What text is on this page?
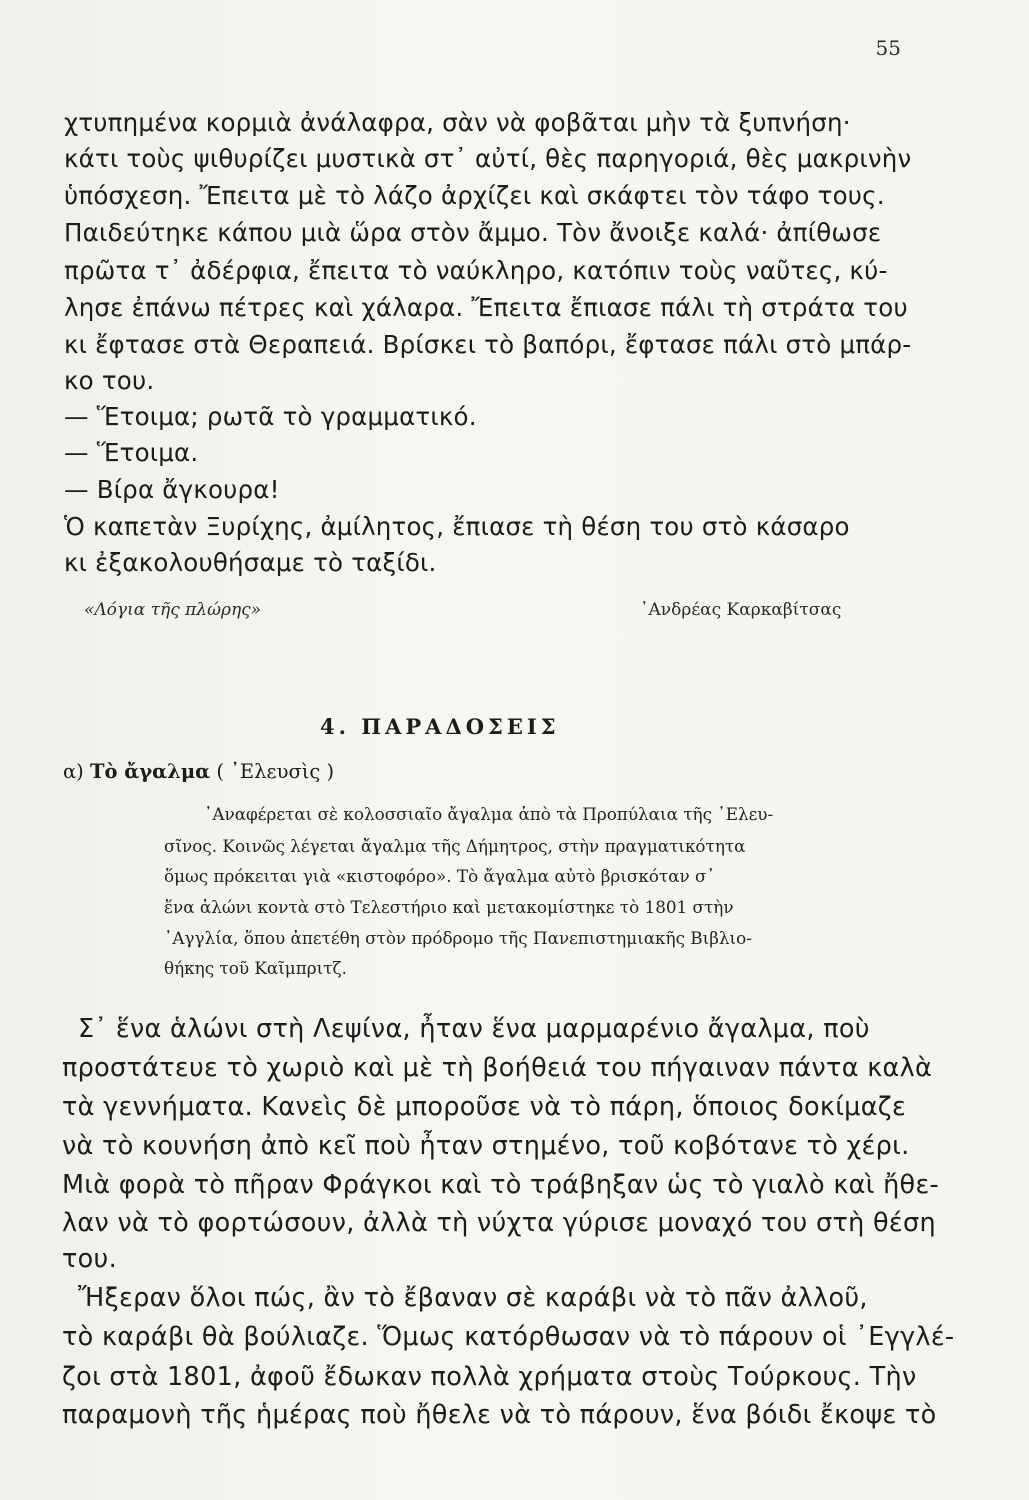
55
χτυπημένα κορμιὰ ἀνάλαφρα, σὰν νὰ φοβᾶται μὴν τὰ ξυπνήση·
κάτι τοὺς ψιθυρίζει μυστικὰ στ᾽ αὐτί, θὲς παρηγοριά, θὲς μακρινὴν
ὑπόσχεση. Ἔπειτα μὲ τὸ λάζο ἀρχίζει καὶ σκάφτει τὸν τάφο τους.
Παιδεύτηκε κάπου μιὰ ὥρα στὸν ἄμμο. Τὸν ἄνοιξε καλά· ἀπίθωσε
πρῶτα τ᾽ ἀδέρφια, ἔπειτα τὸ ναύκληρο, κατόπιν τοὺς ναῦτες, κύ-
λησε ἐπάνω πέτρες καὶ χάλαρα. Ἔπειτα ἔπιασε πάλι τὴ στράτα του
κι ἔφτασε στὰ Θεραπειά. Βρίσκει τὸ βαπόρι, ἔφτασε πάλι στὸ μπάρ-
κο του.
— Ἕτοιμα; ρωτᾶ τὸ γραμματικό.
— Ἕτοιμα.
— Βίρα ἄγκουρα!
Ὁ καπετὰν Ξυρίχης, ἀμίλητος, ἔπιασε τὴ θέση του στὸ κάσαρο
κι ἐξακολουθήσαμε τὸ ταξίδι.
«Λόγια τῆς πλώρης»	᾽Ανδρέας Καρκαβίτσας
4. ΠΑΡΑΔΟΣΕΙΣ
α) Τὸ ἄγαλμα ( ᾽Ελευσὶς )
᾽Αναφέρεται σὲ κολοσσιαῖο ἄγαλμα ἀπὸ τὰ Προπύλαια τῆς ᾽Ελευ-
σῖνος. Κοινῶς λέγεται ἄγαλμα τῆς Δήμητρος, στὴν πραγματικότητα
ὅμως πρόκειται γιὰ «κιστοφόρο». Τὸ ἄγαλμα αὐτὸ βρισκόταν σ᾽
ἕνα ἁλώνι κοντὰ στὸ Τελεστήριο καὶ μετακομίστηκε τὸ 1801 στὴν
᾽Αγγλία, ὅπου ἀπετέθη στὸν πρόδρομο τῆς Πανεπιστημιακῆς Βιβλιο-
θήκης τοῦ Καῖμπριτζ.
Σ᾽ ἕνα ἁλώνι στὴ Λεψίνα, ἦταν ἕνα μαρμαρένιο ἄγαλμα, ποὺ
προστάτευε τὸ χωριὸ καὶ μὲ τὴ βοήθειά του πήγαιναν πάντα καλὰ
τὰ γεννήματα. Κανεὶς δὲ μποροῦσε νὰ τὸ πάρη, ὅποιος δοκίμαζε
νὰ τὸ κουνήση ἀπὸ κεῖ ποὺ ἦταν στημένο, τοῦ κοβότανε τὸ χέρι.
Μιὰ φορὰ τὸ πῆραν Φράγκοι καὶ τὸ τράβηξαν ὡς τὸ γιαλὸ καὶ ἤθε-
λαν νὰ τὸ φορτώσουν, ἀλλὰ τὴ νύχτα γύρισε μοναχό του στὴ θέση
του.
Ἤξεραν ὅλοι πώς, ἂν τὸ ἔβαναν σὲ καράβι νὰ τὸ πᾶν ἀλλοῦ,
τὸ καράβι θὰ βούλιαζε. Ὅμως κατόρθωσαν νὰ τὸ πάρουν οἱ ᾽Εγγλέ-
ζοι στὰ 1801, ἀφοῦ ἔδωκαν πολλὰ χρήματα στοὺς Τούρκους. Τὴν
παραμονὴ τῆς ἡμέρας ποὺ ἤθελε νὰ τὸ πάρουν, ἕνα βόιδι ἔκοψε τὸ
